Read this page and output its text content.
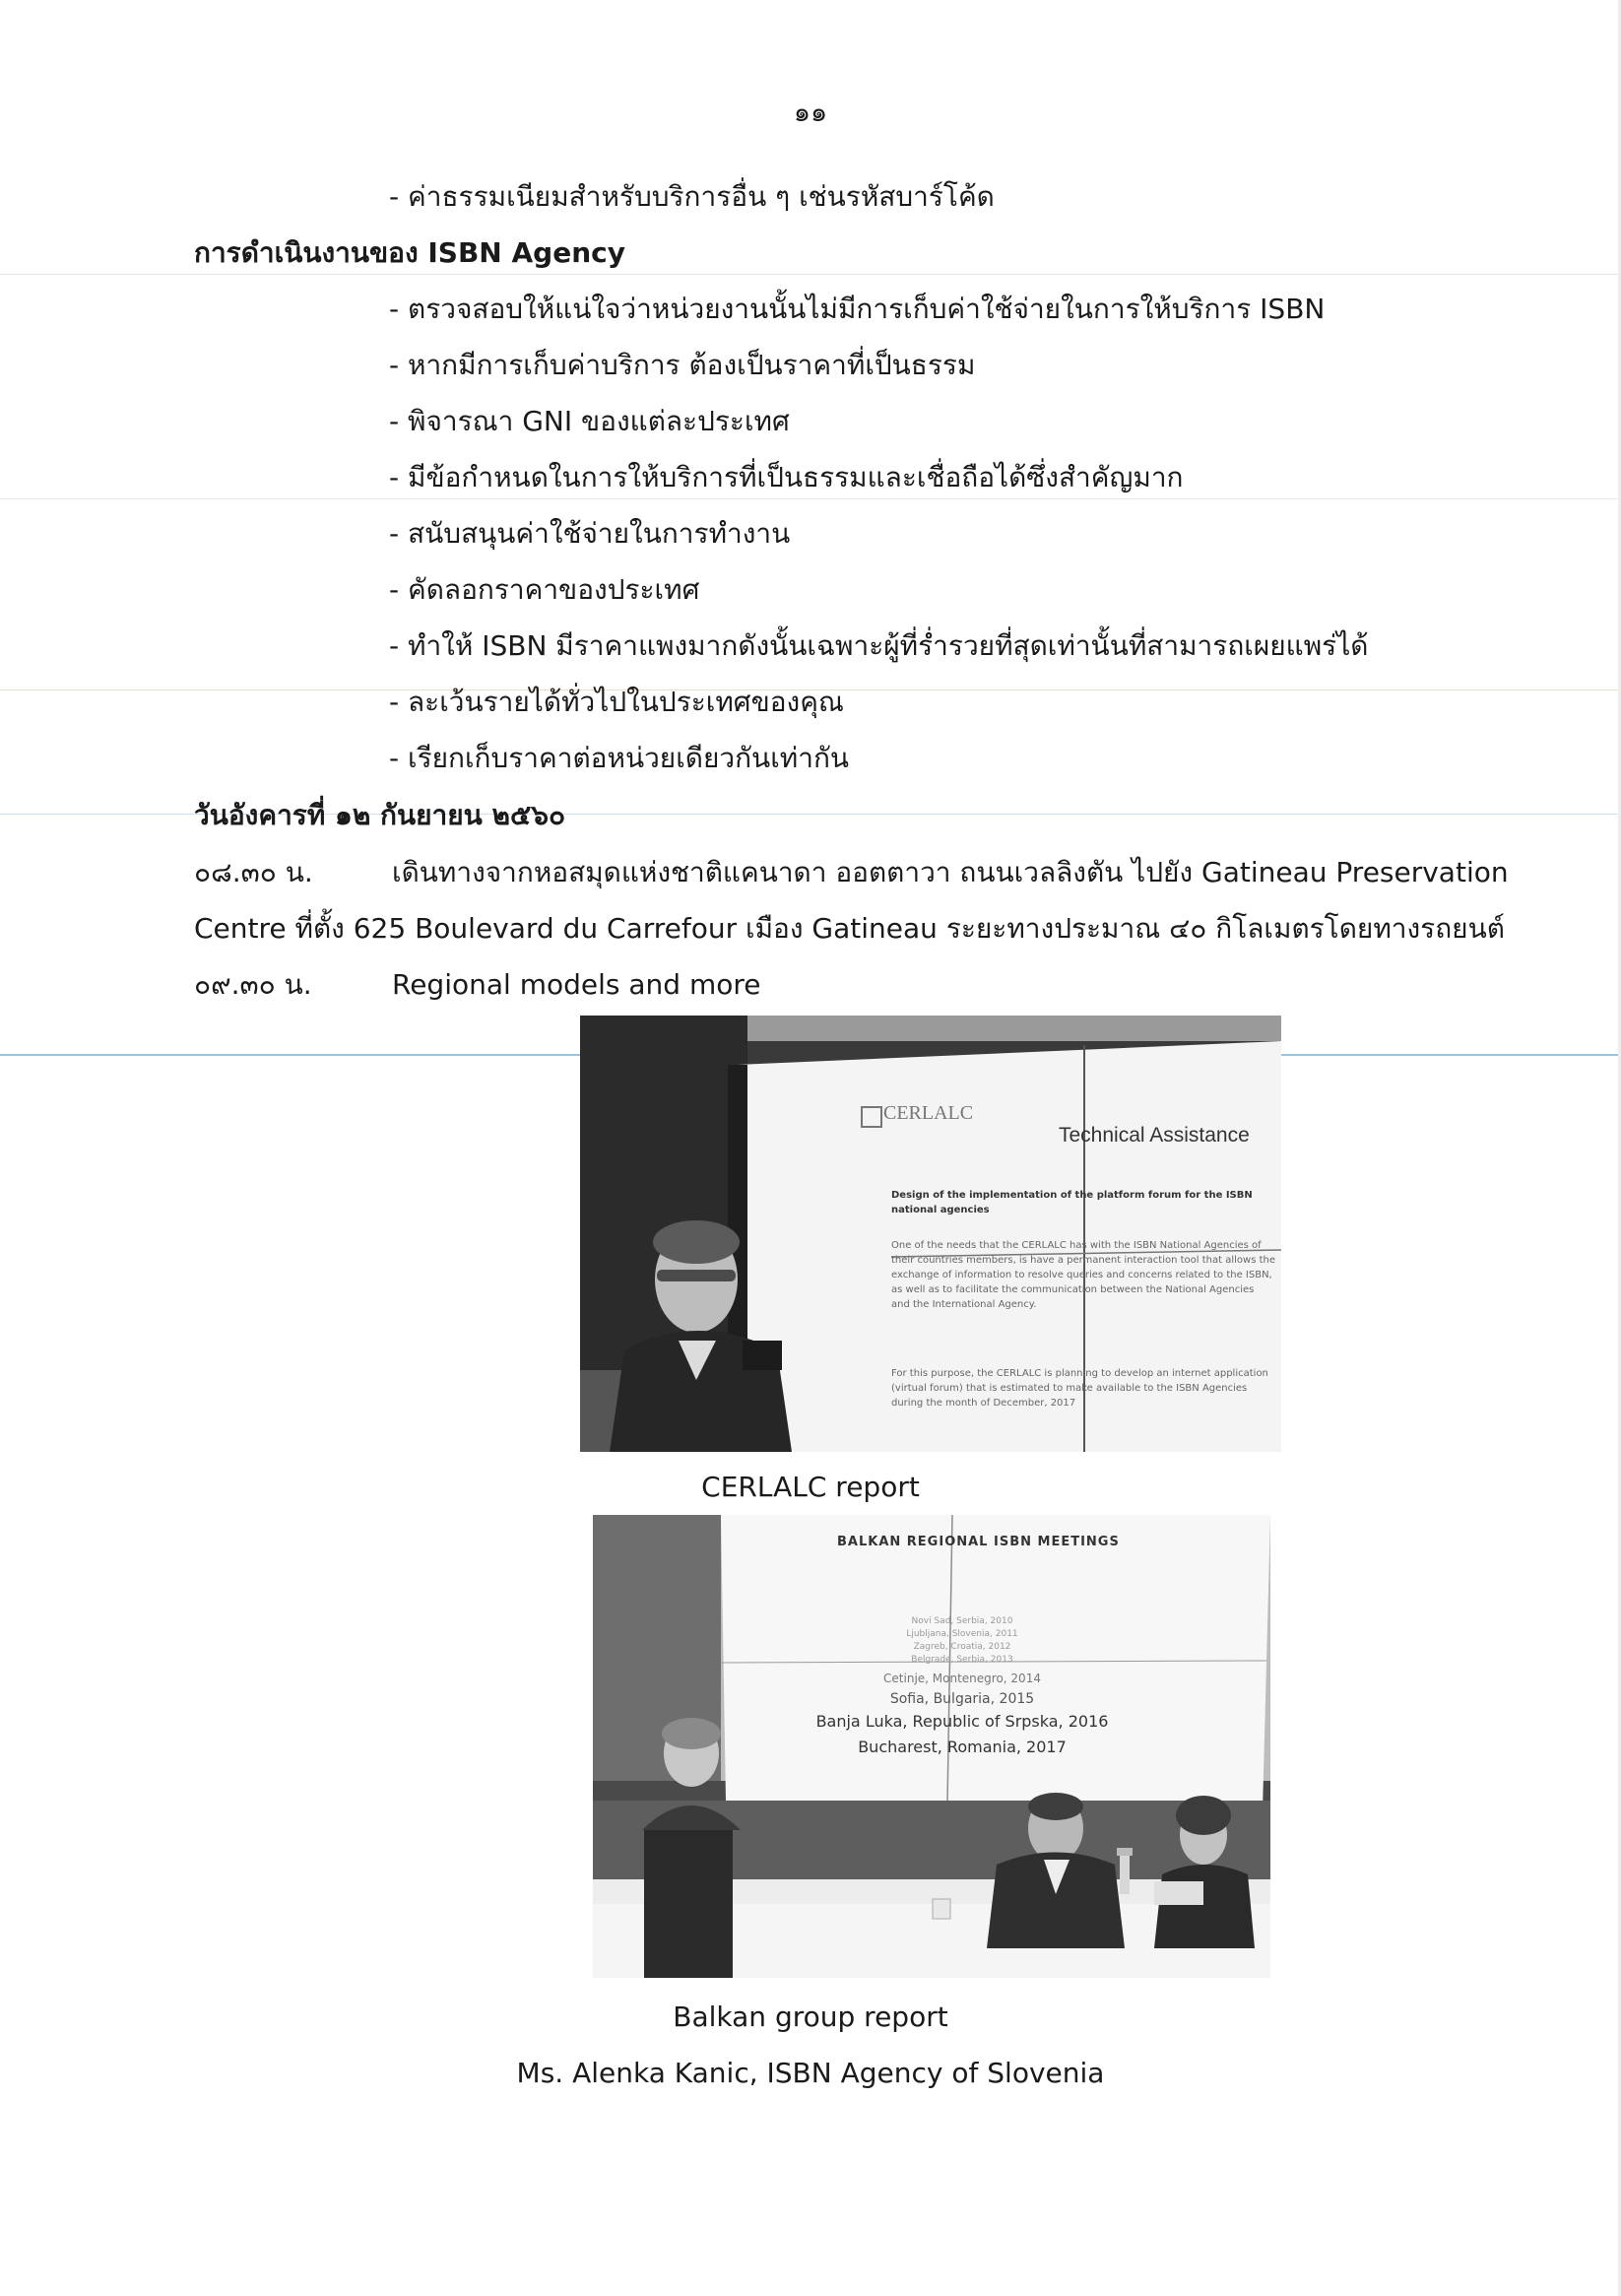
๑๑
- ค่าธรรมเนียมสำหรับบริการอื่น ๆ เช่นรหัสบาร์โค้ด
การดำเนินงานของ ISBN Agency
- ตรวจสอบให้แน่ใจว่าหน่วยงานนั้นไม่มีการเก็บค่าใช้จ่ายในการให้บริการ ISBN
- หากมีการเก็บค่าบริการ ต้องเป็นราคาที่เป็นธรรม
- พิจารณา GNI ของแต่ละประเทศ
- มีข้อกำหนดในการให้บริการที่เป็นธรรมและเชื่อถือได้ซึ่งสำคัญมาก
- สนับสนุนค่าใช้จ่ายในการทำงาน
- คัดลอกราคาของประเทศ
- ทำให้ ISBN มีราคาแพงมากดังนั้นเฉพาะผู้ที่ร่ำรวยที่สุดเท่านั้นที่สามารถเผยแพร่ได้
- ละเว้นรายได้ทั่วไปในประเทศของคุณ
- เรียกเก็บราคาต่อหน่วยเดียวกันเท่ากัน
วันอังคารที่ ๑๒ กันยายน ๒๕๖๐
๐๘.๓๐ น.	เดินทางจากหอสมุดแห่งชาติแคนาดา ออตตาวา ถนนเวลลิงตัน ไปยัง Gatineau Preservation
Centre ที่ตั้ง 625 Boulevard du Carrefour เมือง Gatineau ระยะทางประมาณ ๔๐ กิโลเมตรโดยทางรถยนต์
๐๙.๓๐ น.	Regional models and more
CERLALC
Technical Assistance
Design of the implementation of the platform forum for the ISBN national agencies
One of the needs that the CERLALC has with the ISBN National Agencies of their countries members, is have a permanent interaction tool that allows the exchange of information to resolve queries and concerns related to the ISBN, as well as to facilitate the communication between the National Agencies and the International Agency.
For this purpose, the CERLALC is planning to develop an internet application (virtual forum) that is estimated to make available to the ISBN Agencies during the month of December, 2017

CERLALC report

BALKAN REGIONAL ISBN MEETINGS
Novi Sad, Serbia, 2010
Ljubljana, Slovenia, 2011
Zagreb, Croatia, 2012
Belgrade, Serbia, 2013
Cetinje, Montenegro, 2014
Sofia, Bulgaria, 2015
Banja Luka, Republic of Srpska, 2016
Bucharest, Romania, 2017

Balkan group report

Ms. Alenka Kanic, ISBN Agency of Slovenia
